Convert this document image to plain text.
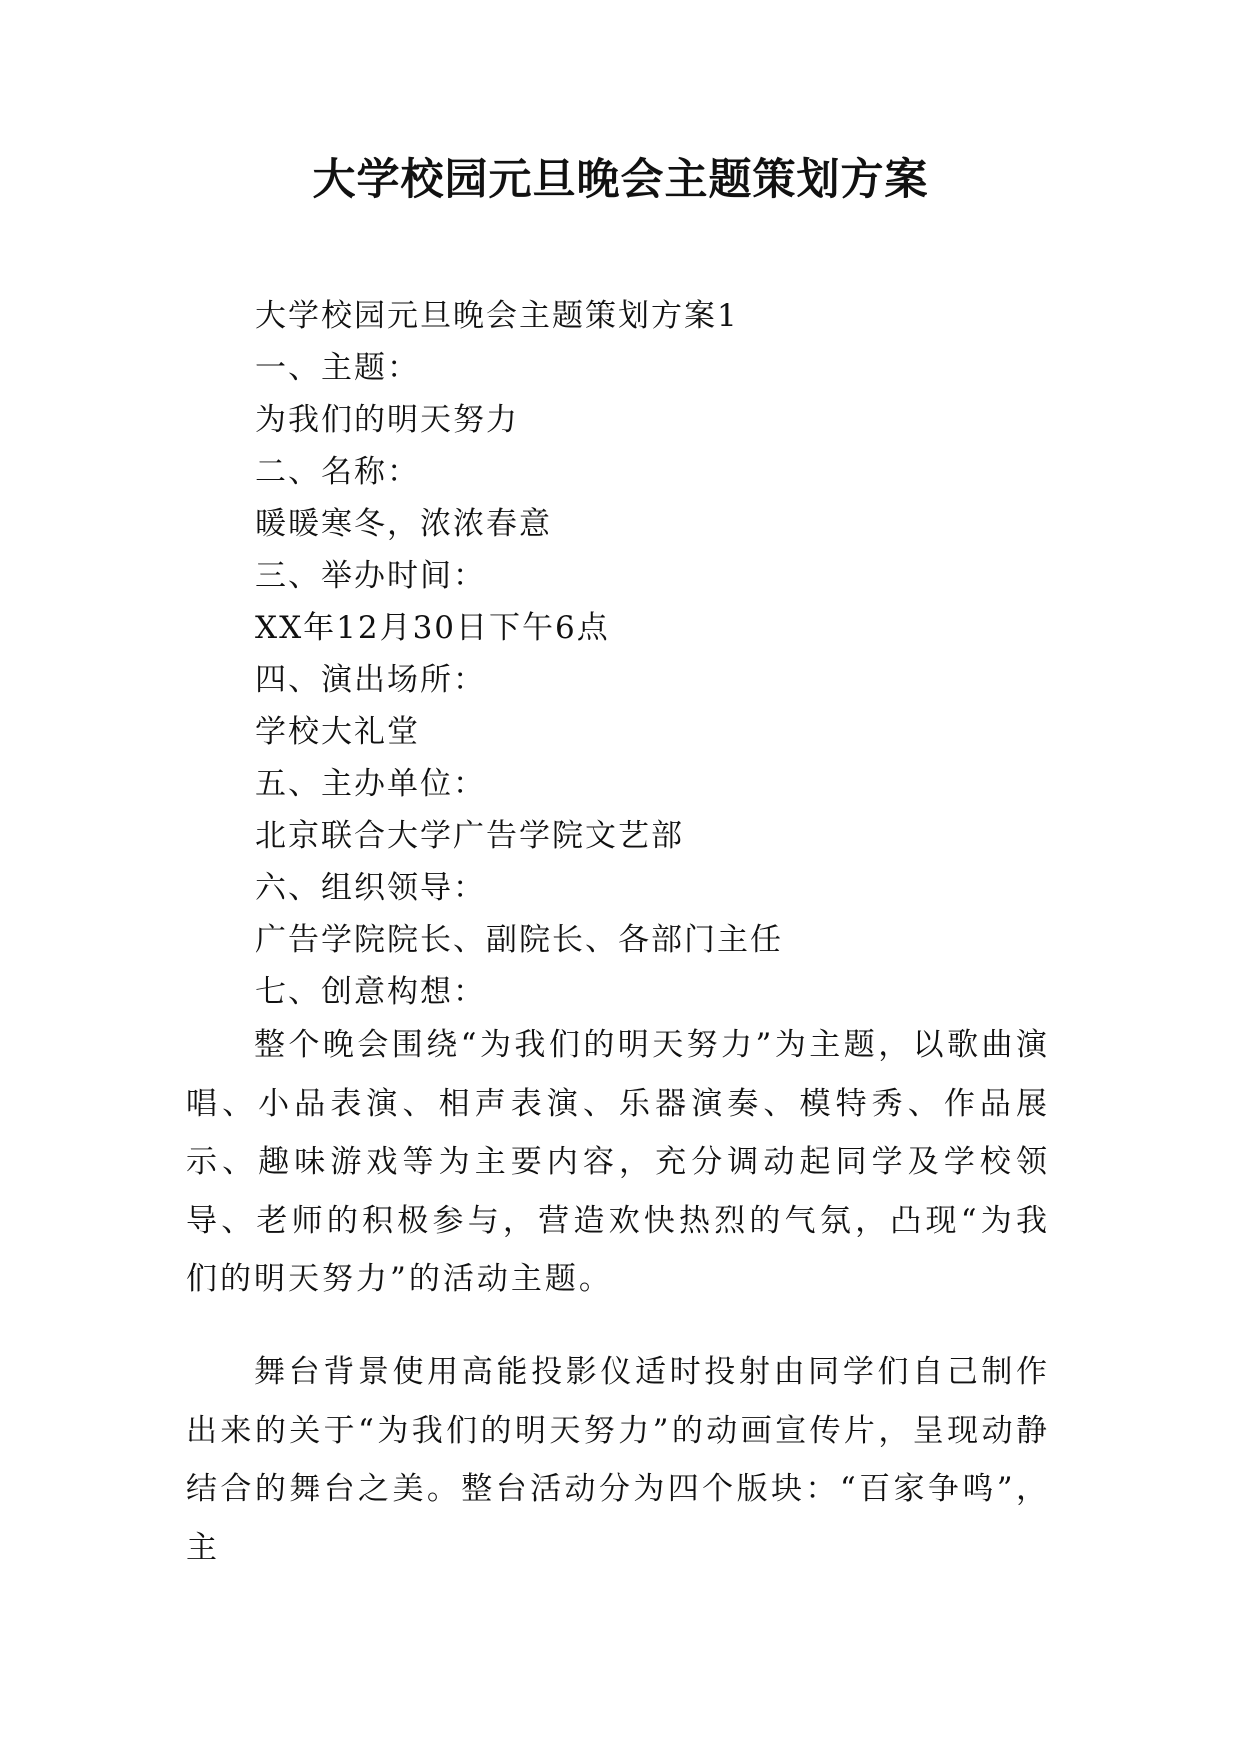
大学校园元旦晚会主题策划方案
大学校园元旦晚会主题策划方案1
一、主题：
为我们的明天努力
二、名称：
暖暖寒冬，浓浓春意
三、举办时间：
XX年12月30日下午6点
四、演出场所：
学校大礼堂
五、主办单位：
北京联合大学广告学院文艺部
六、组织领导：
广告学院院长、副院长、各部门主任
七、创意构想：

整个晚会围绕“为我们的明天努力”为主题，以歌曲演唱、小品表演、相声表演、乐器演奏、模特秀、作品展示、趣味游戏等为主要内容，充分调动起同学及学校领导、老师的积极参与，营造欢快热烈的气氛，凸现“为我们的明天努力”的活动主题。

舞台背景使用高能投影仪适时投射由同学们自己制作出来的关于“为我们的明天努力”的动画宣传片，呈现动静结合的舞台之美。整台活动分为四个版块：“百家争鸣”，主
